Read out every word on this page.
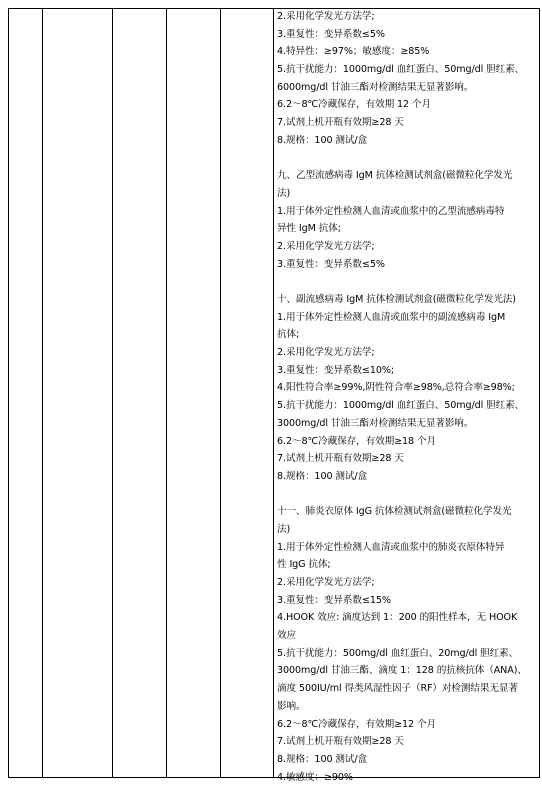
2.采用化学发光方法学;
3.重复性：变异系数≤5%
4.特异性：≥97%；敏感度：≥85%
5.抗干扰能力：1000mg/dl 血红蛋白、50mg/dl 胆红素、
6000mg/dl 甘油三酯对检测结果无显著影响。
6.2～8℃冷藏保存，有效期 12 个月
7.试剂上机开瓶有效期≥28 天
8.规格：100 测试/盒
九、乙型流感病毒 IgM 抗体检测试剂盒(磁微粒化学发光
法)
1.用于体外定性检测人血清或血浆中的乙型流感病毒特
异性 IgM 抗体;
2.采用化学发光方法学;
3.重复性：变异系数≤5%
十、副流感病毒 IgM 抗体检测试剂盒(磁微粒化学发光法)
1.用于体外定性检测人血清或血浆中的副流感病毒 IgM
抗体;
2.采用化学发光方法学;
3.重复性：变异系数≤10%;
4.阳性符合率≥99%,阴性符合率≥98%,总符合率≥98%;
5.抗干扰能力：1000mg/dl 血红蛋白、50mg/dl 胆红素、
3000mg/dl 甘油三酯对检测结果无显著影响。
6.2～8℃冷藏保存，有效期≥18 个月
7.试剂上机开瓶有效期≥28 天
8.规格：100 测试/盒
十一、肺炎衣原体 IgG 抗体检测试剂盒(磁微粒化学发光
法)
1.用于体外定性检测人血清或血浆中的肺炎衣原体特异
性 IgG 抗体;
2.采用化学发光方法学;
3.重复性：变异系数≤15%
4.HOOK 效应: 滴度达到 1：200 的阳性样本，无 HOOK
效应
5.抗干扰能力：500mg/dl 血红蛋白、20mg/dl 胆红素、
3000mg/dl 甘油三酯、滴度 1：128 的抗核抗体（ANA)、
滴度 500IU/ml 得类风湿性因子（RF）对检测结果无显著
影响。
6.2～8℃冷藏保存，有效期≥12 个月
7.试剂上机开瓶有效期≥28 天
8.规格：100 测试/盒
4.敏感度：≥90%
